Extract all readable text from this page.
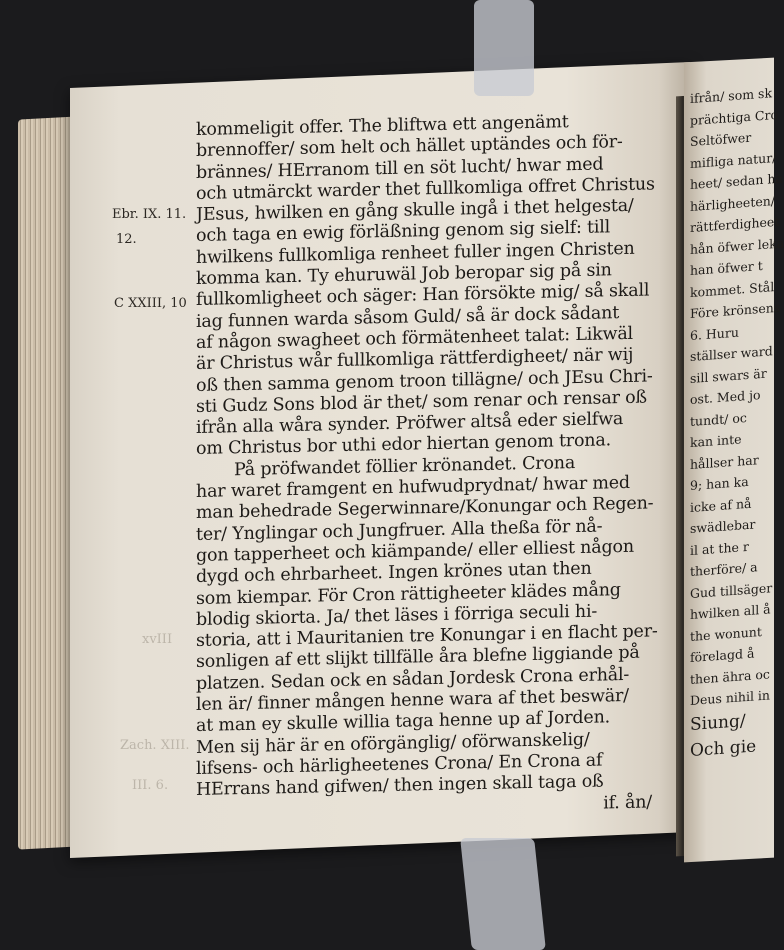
Ebr. IX. 11.
12.
C XXIII, 10
xvIII
Zach. XIII.
III. 6.
kommeligit offer. The bliftwa ett angenämt
brennoffer/ som helt och hället uptändes och för-
brännes/ HErranom till en söt lucht/ hwar med
och utmärckt warder thet fullkomliga offret Christus
JEsus, hwilken en gång skulle ingå i thet helgesta/
och taga en ewig förläßning genom sig sielf: till
hwilkens fullkomliga renheet fuller ingen Christen
komma kan. Ty ehuruwäl Job beropar sig på sin
fullkomligheet och säger: Han försökte mig/ så skall
iag funnen warda såsom Guld/ så är dock sådant
af någon swagheet och förmätenheet talat: Likwäl
är Christus wår fullkomliga rättferdigheet/ när wij
oß then samma genom troon tillägne/ och JEsu Chri-
sti Gudz Sons blod är thet/ som renar och rensar oß
ifrån alla wåra synder. Pröfwer altså eder sielfwa
om Christus bor uthi edor hiertan genom trona.
På pröfwandet föllier krönandet. Crona
har waret framgent en hufwudprydnat/ hwar med
man behedrade Segerwinnare/Konungar och Regen-
ter/ Ynglingar och Jungfruer. Alla theßa för nå-
gon tapperheet och kiämpande/ eller elliest någon
dygd och ehrbarheet. Ingen krönes utan then
som kiempar. För Cron rättigheeter klädes mång
blodig skiorta. Ja/ thet läses i förriga seculi hi-
storia, att i Mauritanien tre Konungar i en flacht per-
sonligen af ett slijkt tillfälle åra blefne liggiande på
platzen. Sedan ock en sådan Jordesk Crona erhål-
len är/ finner mången henne wara af thet beswär/
at man ey skulle willia taga henne up af Jorden.
Men sij här är en oförgänglig/ oförwanskelig/
lifsens- och härligheetenes Crona/ En Crona af
HErrans hand gifwen/ then ingen skall taga oß
if. ån/
ifrån/ som sk
prächtiga Cro
Seltöfwer
mifliga natur/
heet/ sedan ha
härligheeten/
rättferdigheet
hån öfwer leka
han öfwer t
kommet. Stål
Före krönsens
6. Huru
ställser ward
sill swars är
ost. Med jo
tundt/ oc
kan inte
hållser har
9; han ka
icke af nå
swädlebar
il at the r
therföre/ a
Gud tillsäger
hwilken all å
the wonunt
förelagd å
then ähra oc
Deus nihil in
Siung/
Och gie
